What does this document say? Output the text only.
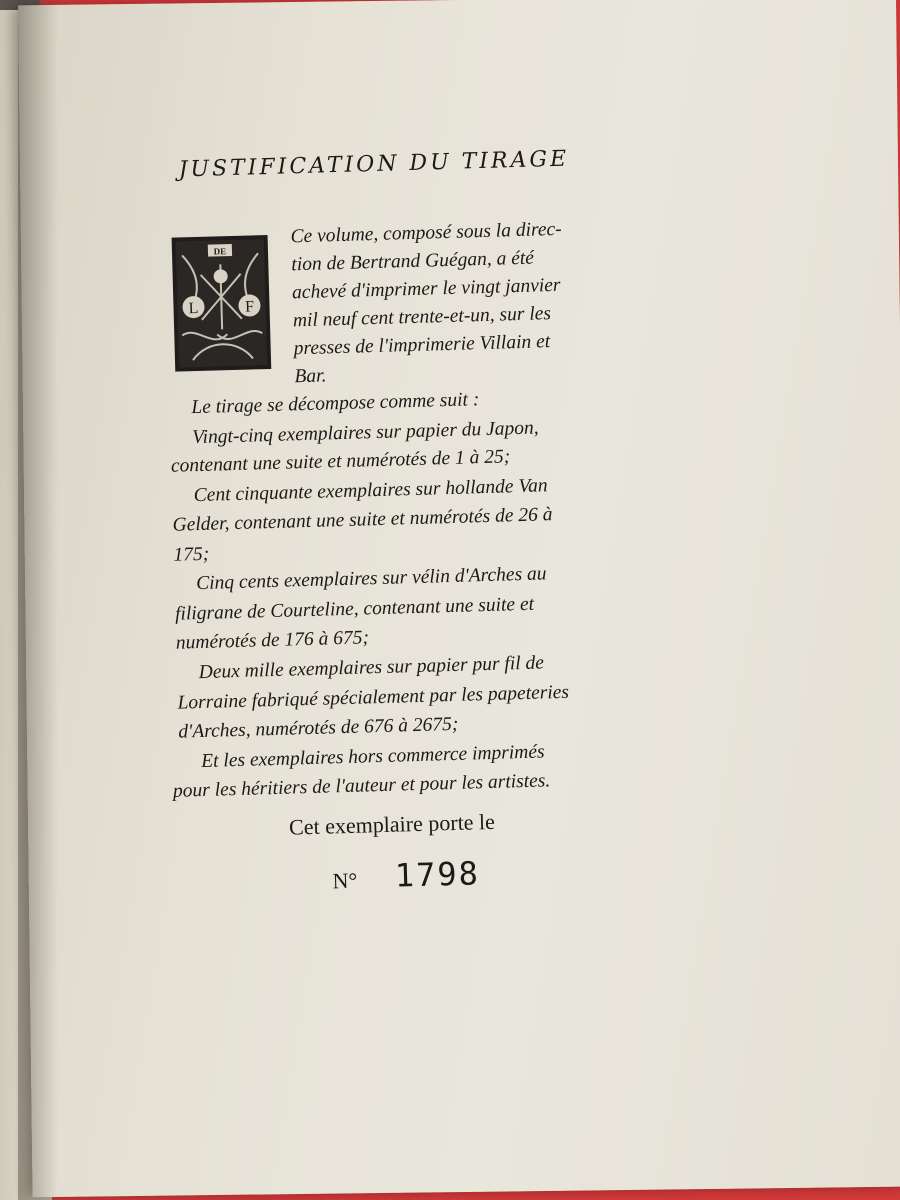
JUSTIFICATION DU TIRAGE
DE
L	F
Ce volume, composé sous la direc-
tion de Bertrand Guégan, a été
achevé d'imprimer le vingt janvier
mil neuf cent trente-et-un, sur les
presses de l'imprimerie Villain et
Bar.
Le tirage se décompose comme suit :
Vingt-cinq exemplaires sur papier du Japon,
contenant une suite et numérotés de 1 à 25;
Cent cinquante exemplaires sur hollande Van
Gelder, contenant une suite et numérotés de 26 à
175;
Cinq cents exemplaires sur vélin d'Arches au
filigrane de Courteline, contenant une suite et
numérotés de 176 à 675;
Deux mille exemplaires sur papier pur fil de
Lorraine fabriqué spécialement par les papeteries
d'Arches, numérotés de 676 à 2675;
Et les exemplaires hors commerce imprimés
pour les héritiers de l'auteur et pour les artistes.
Cet exemplaire porte le
N° 1798
